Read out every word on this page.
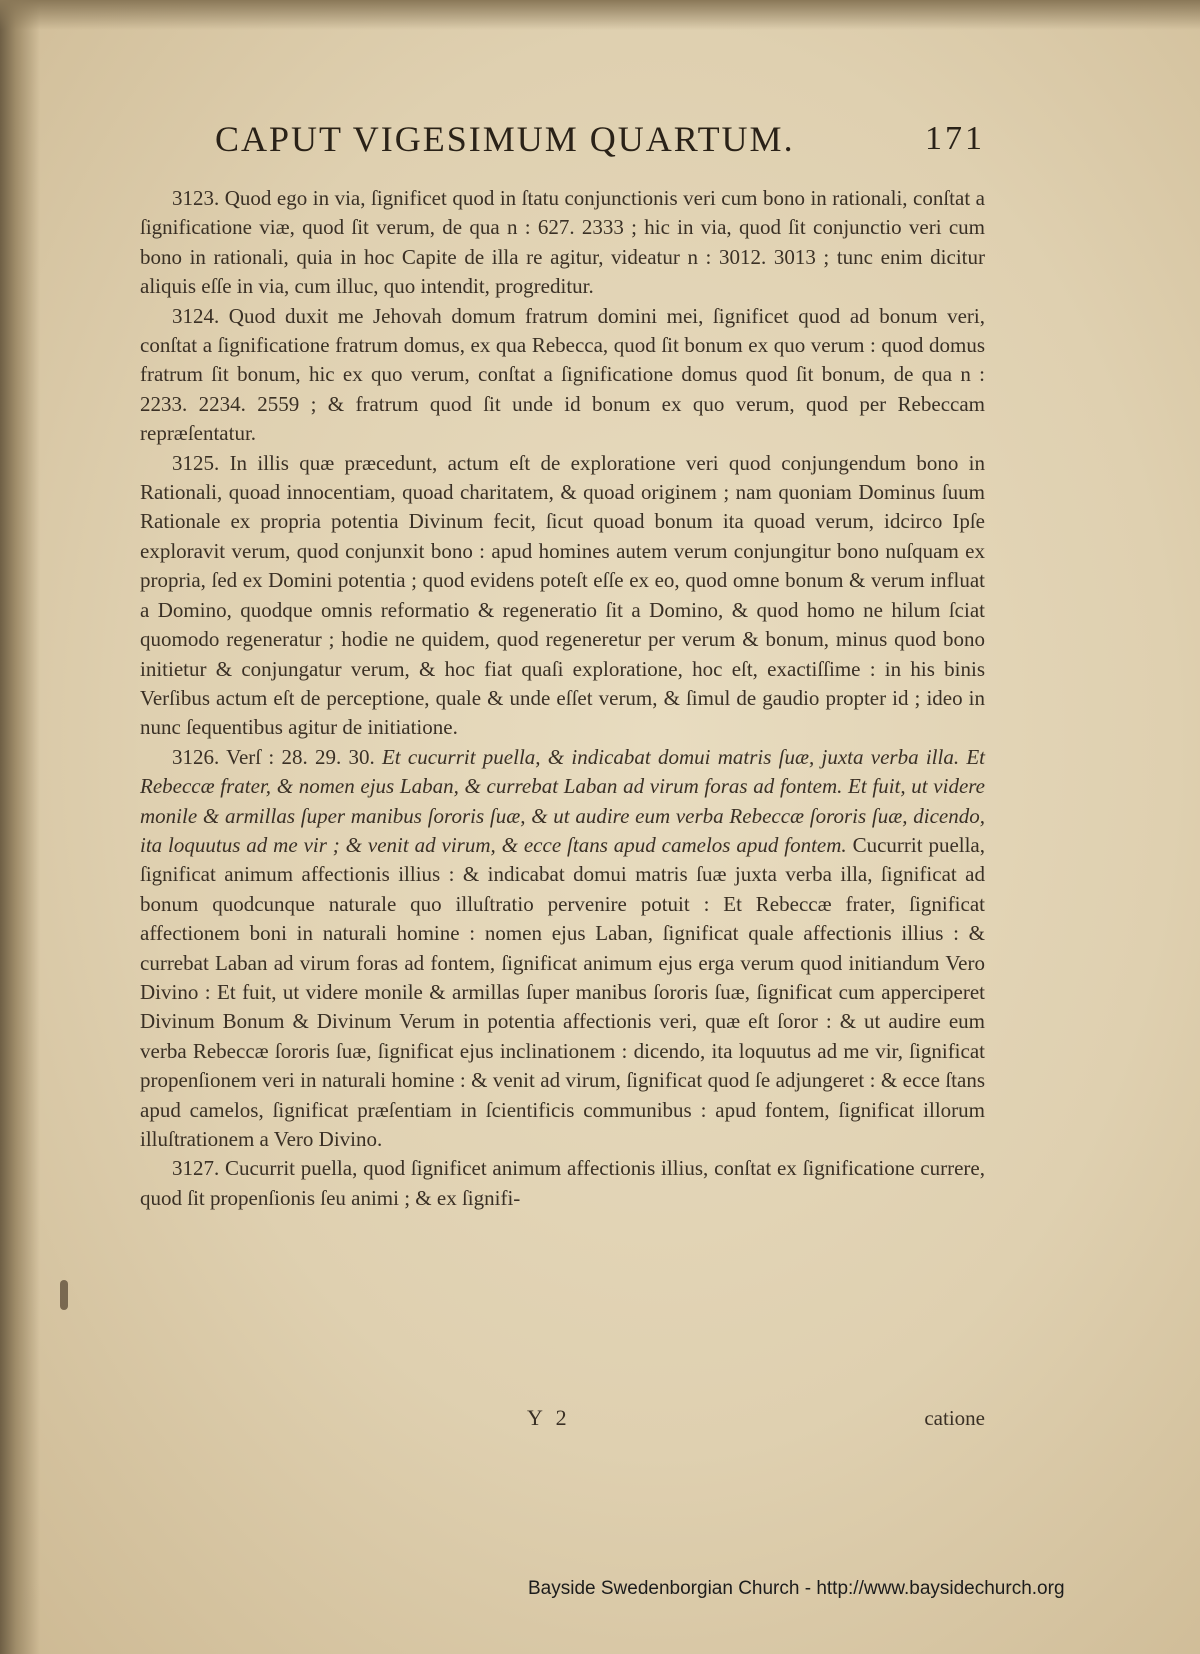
CAPUT VIGESIMUM QUARTUM.	171

3123. Quod ego in via, ſignificet quod in ſtatu conjunctionis veri cum bono in rationali, conſtat a ſignificatione viæ, quod ſit verum, de qua n : 627. 2333 ; hic in via, quod ſit conjunctio veri cum bono in rationali, quia in hoc Capite de illa re agitur, videatur n : 3012. 3013 ; tunc enim dicitur aliquis eſſe in via, cum illuc, quo intendit, progreditur.

3124. Quod duxit me Jehovah domum fratrum domini mei, ſignificet quod ad bonum veri, conſtat a ſignificatione fratrum domus, ex qua Rebecca, quod ſit bonum ex quo verum : quod domus fratrum ſit bonum, hic ex quo verum, conſtat a ſignificatione domus quod ſit bonum, de qua n : 2233. 2234. 2559 ; & fratrum quod ſit unde id bonum ex quo verum, quod per Rebeccam repræſentatur.

3125. In illis quæ præcedunt, actum eſt de exploratione veri quod conjungendum bono in Rationali, quoad innocentiam, quoad charitatem, & quoad originem ; nam quoniam Dominus ſuum Rationale ex propria potentia Divinum fecit, ſicut quoad bonum ita quoad verum, idcirco Ipſe exploravit verum, quod conjunxit bono : apud homines autem verum conjungitur bono nuſquam ex propria, ſed ex Domini potentia ; quod evidens poteſt eſſe ex eo, quod omne bonum & verum influat a Domino, quodque omnis reformatio & regeneratio ſit a Domino, & quod homo ne hilum ſciat quomodo regeneratur ; hodie ne quidem, quod regeneretur per verum & bonum, minus quod bono initietur & conjungatur verum, & hoc fiat quaſi exploratione, hoc eſt, exactiſſime : in his binis Verſibus actum eſt de perceptione, quale & unde eſſet verum, & ſimul de gaudio propter id ; ideo in nunc ſequentibus agitur de initiatione.

3126. Verſ : 28. 29. 30. Et cucurrit puella, & indicabat domui matris ſuæ, juxta verba illa. Et Rebeccæ frater, & nomen ejus Laban, & currebat Laban ad virum foras ad fontem. Et fuit, ut videre monile & armillas ſuper manibus ſororis ſuæ, & ut audire eum verba Rebeccæ ſororis ſuæ, dicendo, ita loquutus ad me vir ; & venit ad virum, & ecce ſtans apud camelos apud fontem. Cucurrit puella, ſignificat animum affectionis illius : & indicabat domui matris ſuæ juxta verba illa, ſignificat ad bonum quodcunque naturale quo illuſtratio pervenire potuit : Et Rebeccæ frater, ſignificat affectionem boni in naturali homine : nomen ejus Laban, ſignificat quale affectionis illius : & currebat Laban ad virum foras ad fontem, ſignificat animum ejus erga verum quod initiandum Vero Divino : Et fuit, ut videre monile & armillas ſuper manibus ſororis ſuæ, ſignificat cum apperciperet Divinum Bonum & Divinum Verum in potentia affectionis veri, quæ eſt ſoror : & ut audire eum verba Rebeccæ ſororis ſuæ, ſignificat ejus inclinationem : dicendo, ita loquutus ad me vir, ſignificat propenſionem veri in naturali homine : & venit ad virum, ſignificat quod ſe adjungeret : & ecce ſtans apud camelos, ſignificat præſentiam in ſcientificis communibus : apud fontem, ſignificat illorum illuſtrationem a Vero Divino.

3127. Cucurrit puella, quod ſignificet animum affectionis illius, conſtat ex ſignificatione currere, quod ſit propenſionis ſeu animi ; & ex ſignifi-

Y 2	catione
Bayside Swedenborgian Church - http://www.baysidechurch.org
